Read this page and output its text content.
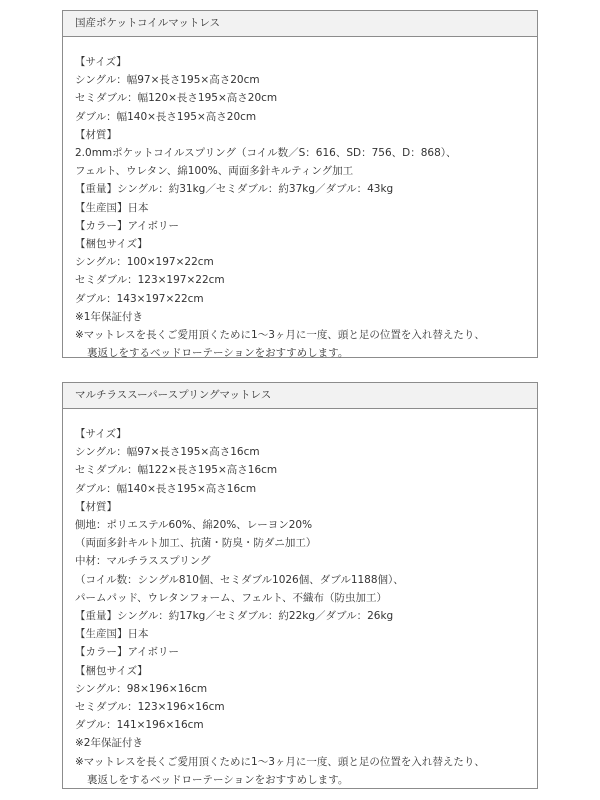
国産ポケットコイルマットレス
【サイズ】
シングル：幅97×長さ195×高さ20cm
セミダブル：幅120×長さ195×高さ20cm
ダブル：幅140×長さ195×高さ20cm
【材質】
2.0mmポケットコイルスプリング（コイル数／S：616、SD：756、D：868）、
フェルト、ウレタン、綿100%、両面多針キルティング加工
【重量】シングル：約31kg／セミダブル：約37kg／ダブル：43kg
【生産国】日本
【カラー】アイボリー
【梱包サイズ】
シングル：100×197×22cm
セミダブル：123×197×22cm
ダブル：143×197×22cm
※1年保証付き
※マットレスを長くご愛用頂くために1～3ヶ月に一度、頭と足の位置を入れ替えたり、
裏返しをするベッドローテーションをおすすめします。
マルチラススーパースプリングマットレス
【サイズ】
シングル：幅97×長さ195×高さ16cm
セミダブル：幅122×長さ195×高さ16cm
ダブル：幅140×長さ195×高さ16cm
【材質】
側地：ポリエステル60%、綿20%、レーヨン20%
（両面多針キルト加工、抗菌・防臭・防ダニ加工）
中材：マルチラススプリング
（コイル数：シングル810個、セミダブル1026個、ダブル1188個）、
パームパッド、ウレタンフォーム、フェルト、不織布（防虫加工）
【重量】シングル：約17kg／セミダブル：約22kg／ダブル：26kg
【生産国】日本
【カラー】アイボリー
【梱包サイズ】
シングル：98×196×16cm
セミダブル：123×196×16cm
ダブル：141×196×16cm
※2年保証付き
※マットレスを長くご愛用頂くために1～3ヶ月に一度、頭と足の位置を入れ替えたり、
裏返しをするベッドローテーションをおすすめします。
